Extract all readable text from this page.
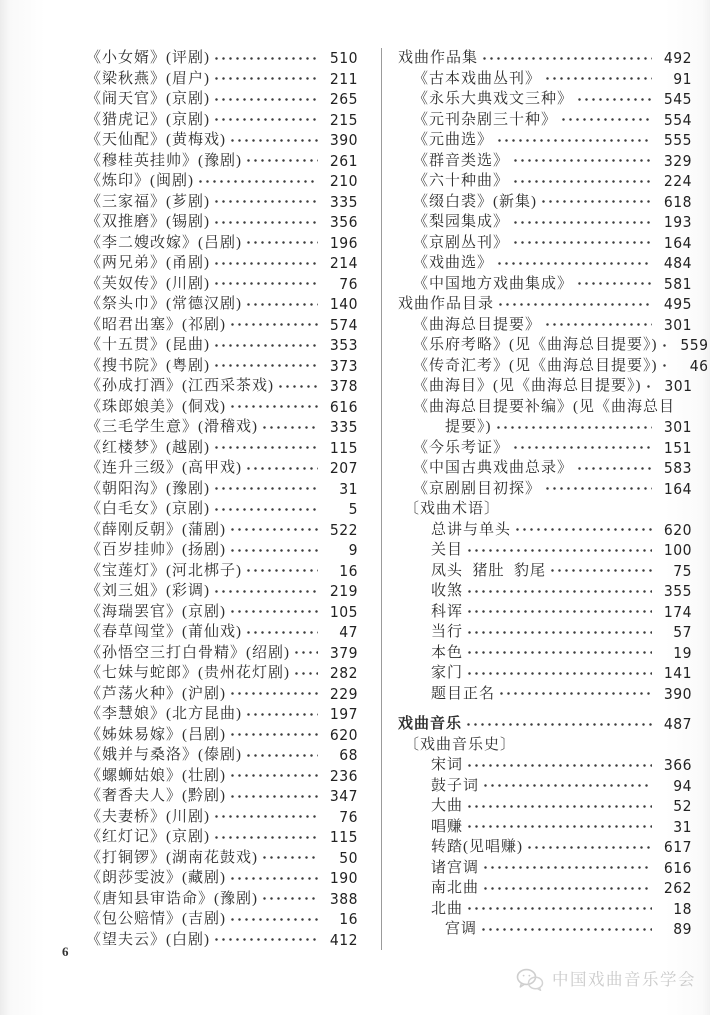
《小女婿》(评剧)	510
《梁秋燕》(眉户)	211
《闹天官》(京剧)	265
《猎虎记》(京剧)	215
《天仙配》(黄梅戏)	390
《穆桂英挂帅》(豫剧)	261
《炼印》(闽剧)	210
《三家福》(芗剧)	335
《双推磨》(锡剧)	356
《李二嫂改嫁》(吕剧)	196
《两兄弟》(甬剧)	214
《芙奴传》(川剧)	76
《祭头巾》(常德汉剧)	140
《昭君出塞》(祁剧)	574
《十五贯》(昆曲)	353
《搜书院》(粤剧)	373
《孙成打酒》(江西采茶戏)	378
《珠郎娘美》(侗戏)	616
《三毛学生意》(滑稽戏)	335
《红楼梦》(越剧)	115
《连升三级》(高甲戏)	207
《朝阳沟》(豫剧)	31
《白毛女》(京剧)	5
《薛刚反朝》(蒲剧)	522
《百岁挂帅》(扬剧)	9
《宝莲灯》(河北梆子)	16
《刘三姐》(彩调)	219
《海瑞罢官》(京剧)	105
《春草闯堂》(莆仙戏)	47
《孙悟空三打白骨精》(绍剧)	379
《七妹与蛇郎》(贵州花灯剧)	282
《芦荡火种》(沪剧)	229
《李慧娘》(北方昆曲)	197
《姊妹易嫁》(吕剧)	620
《娥并与桑洛》(傣剧)	68
《螺蛳姑娘》(壮剧)	236
《奢香夫人》(黔剧)	347
《夫妻桥》(川剧)	76
《红灯记》(京剧)	115
《打铜锣》(湖南花鼓戏)	50
《朗莎雯波》(藏剧)	190
《唐知县审诰命》(豫剧)	388
《包公赔情》(吉剧)	16
《望夫云》(白剧)	412
戏曲作品集	492
《古本戏曲丛刊》	91
《永乐大典戏文三种》	545
《元刊杂剧三十种》	554
《元曲选》	555
《群音类选》	329
《六十种曲》	224
《缀白裘》(新集)	618
《梨园集成》	193
《京剧丛刊》	164
《戏曲选》	484
《中国地方戏曲集成》	581
戏曲作品目录	495
《曲海总目提要》	301
《乐府考略》(见《曲海总目提要》)	559
《传奇汇考》(见《曲海总目提要》)	46
《曲海目》(见《曲海总目提要》)	301
《曲海总目提要补编》(见《曲海总目
提要》)	301
《今乐考证》	151
《中国古典戏曲总录》	583
《京剧剧目初探》	164
〔戏曲术语〕
总讲与单头	620
关目	100
凤头  猪肚  豹尾	75
收煞	355
科诨	174
当行	57
本色	19
家门	141
题目正名	390
戏曲音乐	487
〔戏曲音乐史〕
宋词	366
鼓子词	94
大曲	52
唱赚	31
转踏(见唱赚)	617
诸宫调	616
南北曲	262
北曲	18
宫调	89
6
中国戏曲音乐学会
